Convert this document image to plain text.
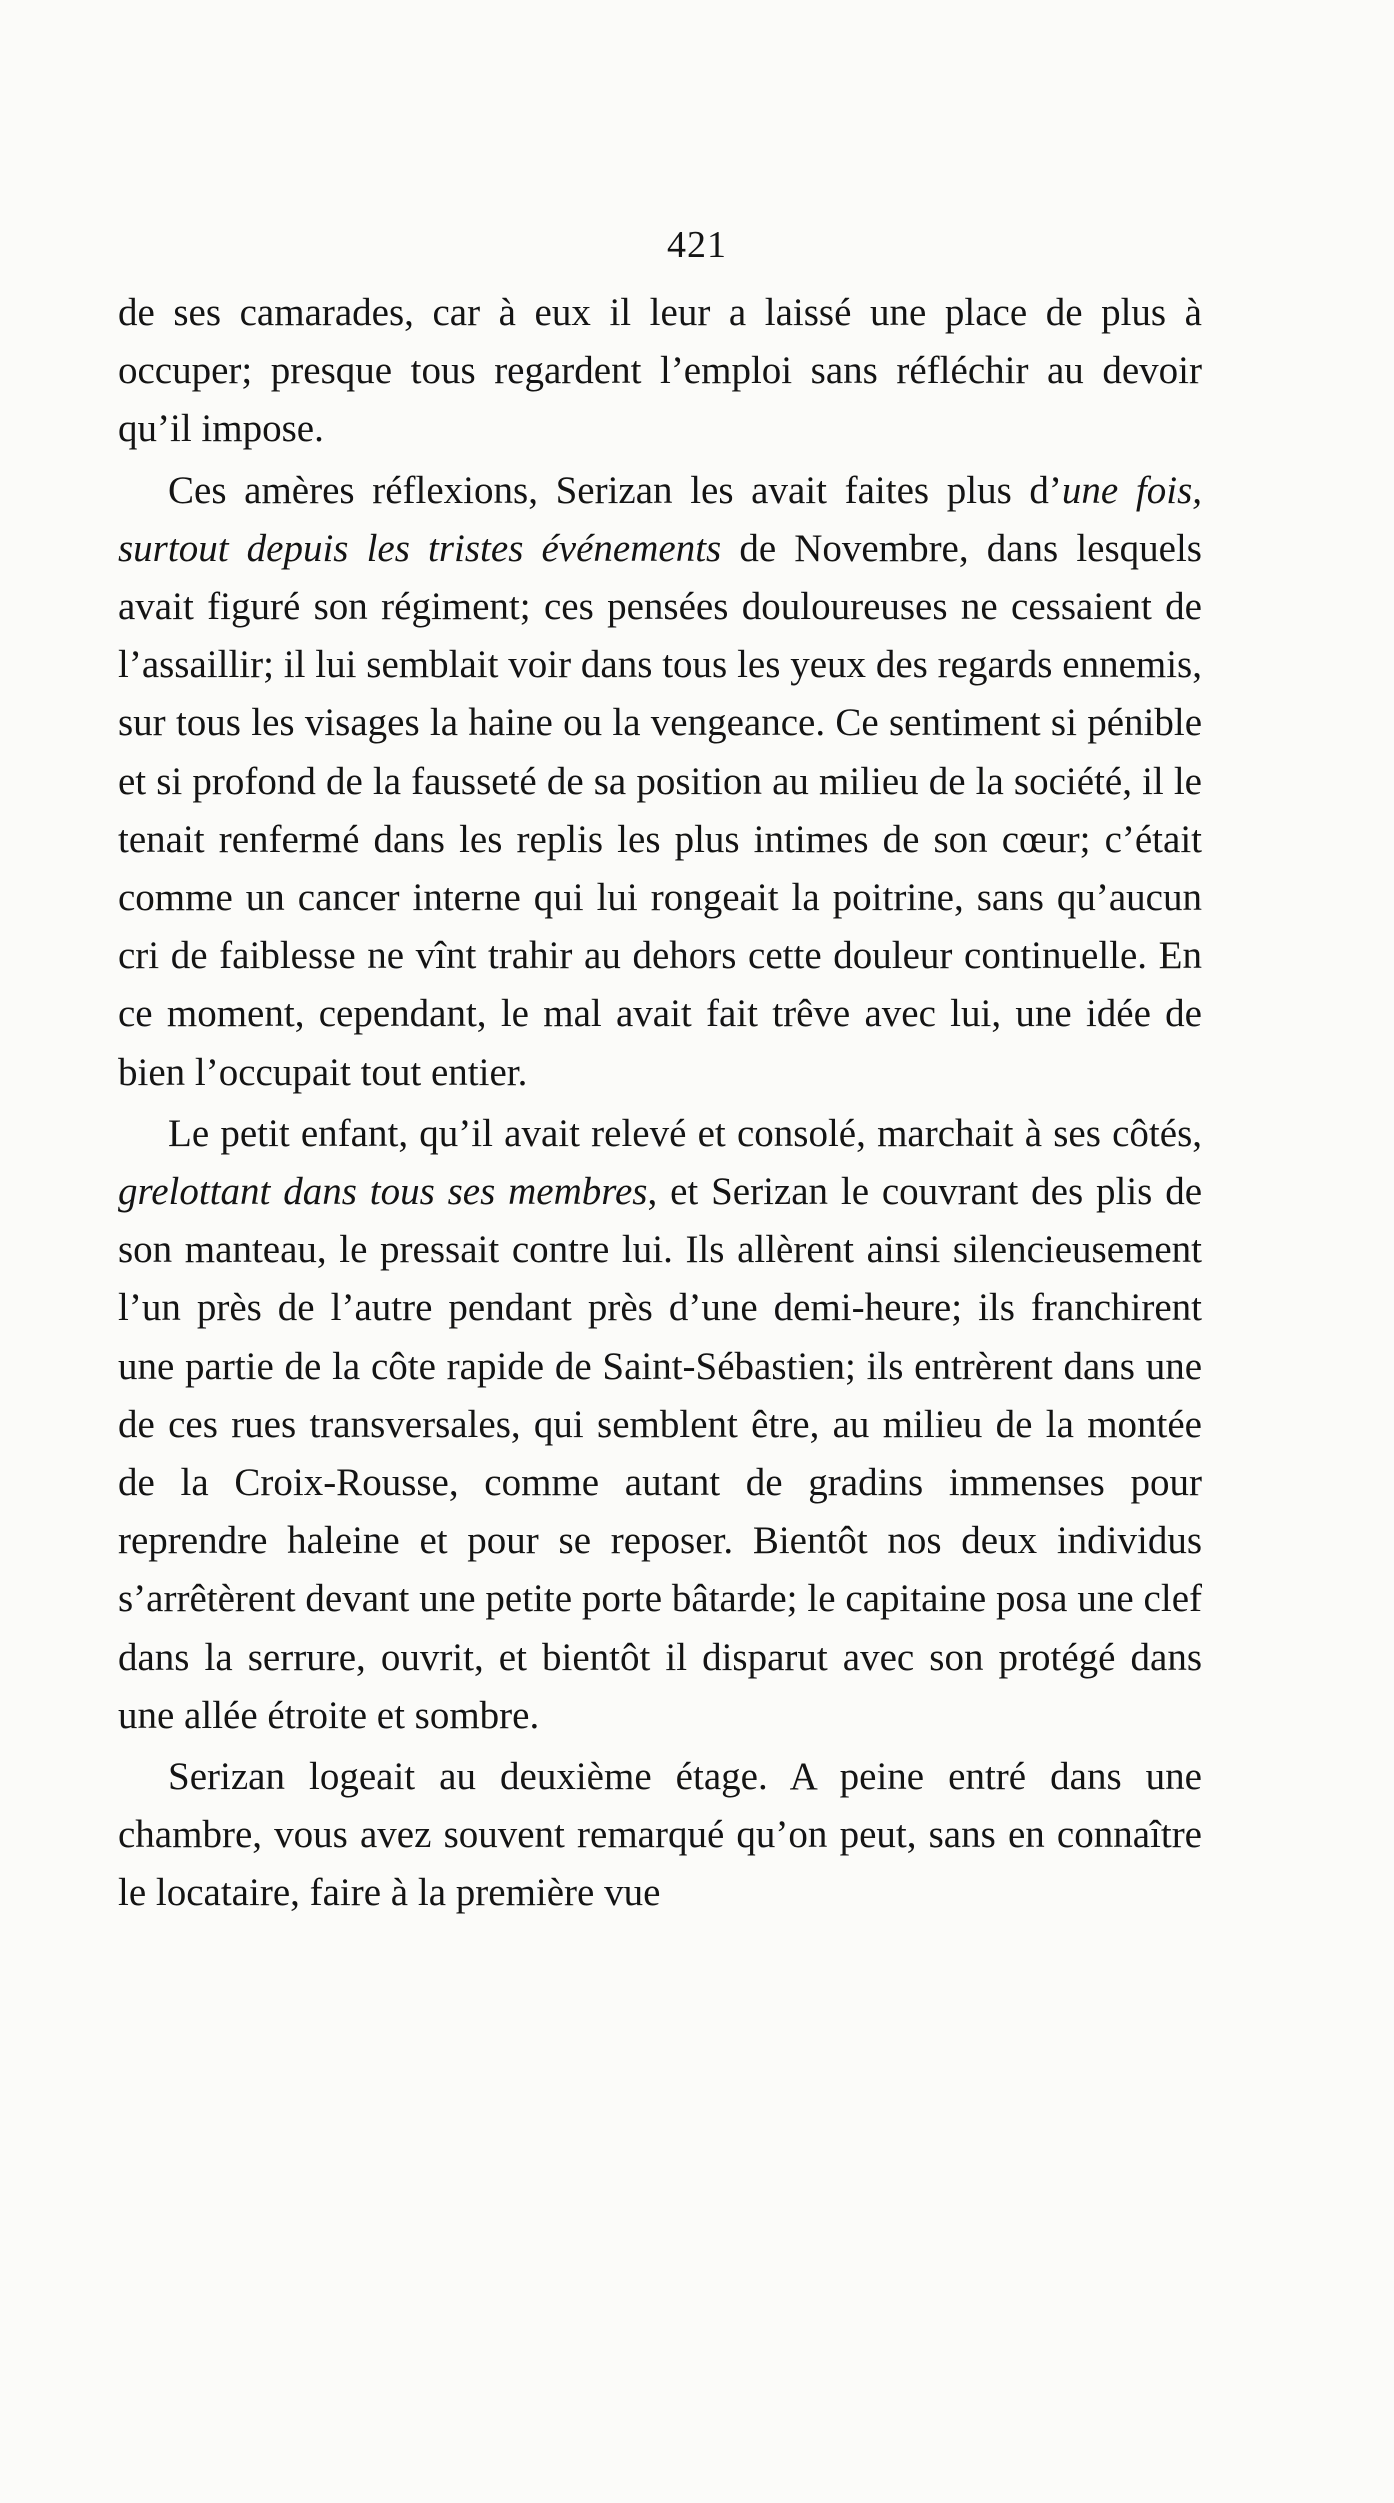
421

de ses camarades, car à eux il leur a laissé une place de plus à occuper; presque tous regardent l’emploi sans réfléchir au devoir qu’il impose.

Ces amères réflexions, Serizan les avait faites plus d’une fois, surtout depuis les tristes événements de Novembre, dans lesquels avait figuré son régiment; ces pensées douloureuses ne cessaient de l’assaillir; il lui semblait voir dans tous les yeux des regards ennemis, sur tous les visages la haine ou la vengeance. Ce sentiment si pénible et si profond de la fausseté de sa position au milieu de la société, il le tenait renfermé dans les replis les plus intimes de son cœur; c’était comme un cancer interne qui lui rongeait la poitrine, sans qu’aucun cri de faiblesse ne vînt trahir au dehors cette douleur continuelle. En ce moment, cependant, le mal avait fait trêve avec lui, une idée de bien l’occupait tout entier.

Le petit enfant, qu’il avait relevé et consolé, marchait à ses côtés, grelottant dans tous ses membres, et Serizan le couvrant des plis de son manteau, le pressait contre lui. Ils allèrent ainsi silencieusement l’un près de l’autre pendant près d’une demi-heure; ils franchirent une partie de la côte rapide de Saint-Sébastien; ils entrèrent dans une de ces rues transversales, qui semblent être, au milieu de la montée de la Croix-Rousse, comme autant de gradins immenses pour reprendre haleine et pour se reposer. Bientôt nos deux individus s’arrêtèrent devant une petite porte bâtarde; le capitaine posa une clef dans la serrure, ouvrit, et bientôt il disparut avec son protégé dans une allée étroite et sombre.

Serizan logeait au deuxième étage. A peine entré dans une chambre, vous avez souvent remarqué qu’on peut, sans en connaître le locataire, faire à la première vue
